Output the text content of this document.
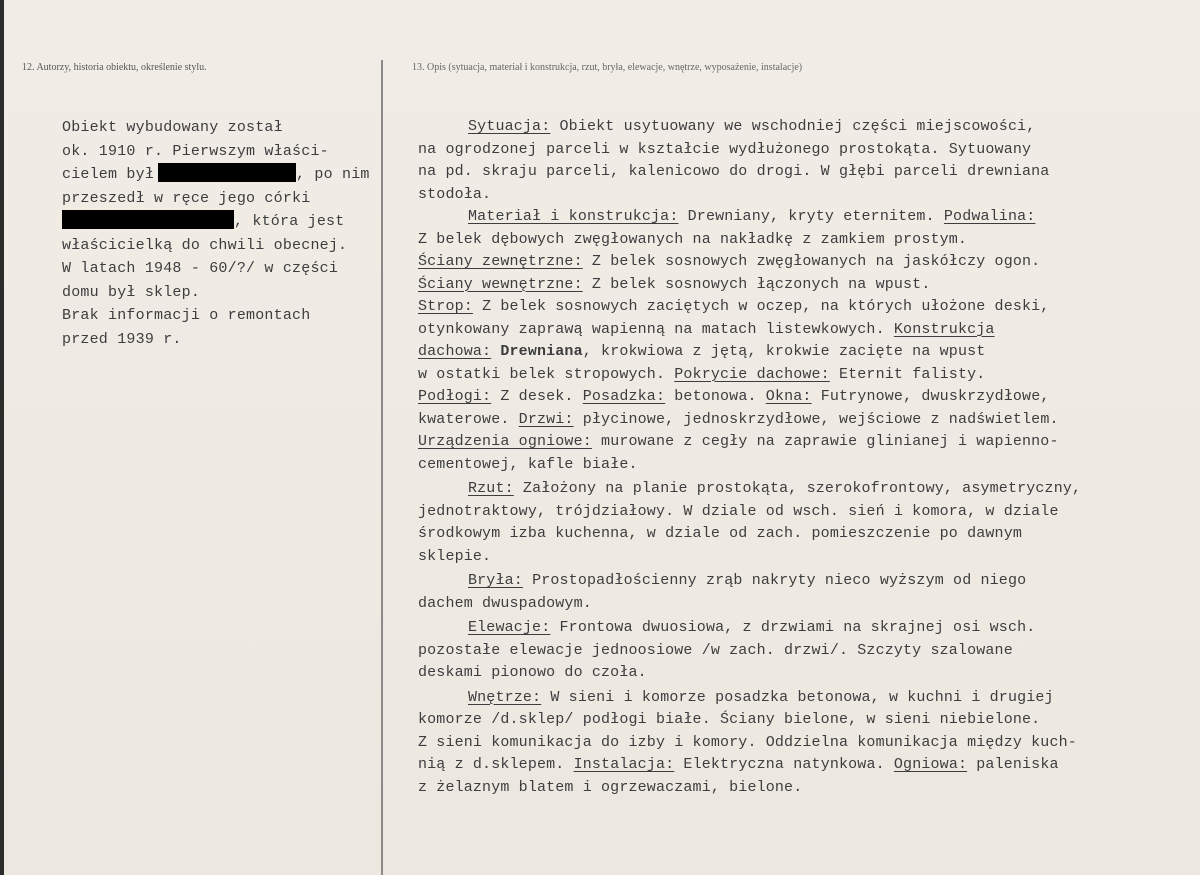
12. Autorzy, historia obiektu, określenie stylu.	13. Opis (sytuacja, materiał i konstrukcja, rzut, bryła, elewacje, wnętrze, wyposażenie, instalacje)
Obiekt wybudowany został
ok. 1910 r. Pierwszym właści-
cielem był	, po nim
przeszedł w ręce jego córki
, która jest
właścicielką do chwili obecnej.
W latach 1948 - 60/?/ w części
domu był sklep.
Brak informacji o remontach
przed 1939 r.
Sytuacja: Obiekt usytuowany we wschodniej części miejscowości,
na ogrodzonej parceli w kształcie wydłużonego prostokąta. Sytuowany
na pd. skraju parceli, kalenicowo do drogi. W głębi parceli drewniana
stodoła.
Materiał i konstrukcja: Drewniany, kryty eternitem. Podwalina:
Z belek dębowych zwęgłowanych na nakładkę z zamkiem prostym.
Ściany zewnętrzne: Z belek sosnowych zwęgłowanych na jaskółczy ogon.
Ściany wewnętrzne: Z belek sosnowych łączonych na wpust.
Strop: Z belek sosnowych zaciętych w oczep, na których ułożone deski,
otynkowany zaprawą wapienną na matach listewkowych. Konstrukcja
dachowa: Drewniana, krokwiowa z jętą, krokwie zacięte na wpust
w ostatki belek stropowych. Pokrycie dachowe: Eternit falisty.
Podłogi: Z desek. Posadzka: betonowa. Okna: Futrynowe, dwuskrzydłowe,
kwaterowe. Drzwi: płycinowe, jednoskrzydłowe, wejściowe z nadświetlem.
Urządzenia ogniowe: murowane z cegły na zaprawie glinianej i wapienno-
cementowej, kafle białe.
Rzut: Założony na planie prostokąta, szerokofrontowy, asymetryczny,
jednotraktowy, trójdziałowy. W dziale od wsch. sień i komora, w dziale
środkowym izba kuchenna, w dziale od zach. pomieszczenie po dawnym
sklepie.
Bryła: Prostopadłościenny zrąb nakryty nieco wyższym od niego
dachem dwuspadowym.
Elewacje: Frontowa dwuosiowa, z drzwiami na skrajnej osi wsch.
pozostałe elewacje jednoosiowe /w zach. drzwi/. Szczyty szalowane
deskami pionowo do czoła.
Wnętrze: W sieni i komorze posadzka betonowa, w kuchni i drugiej
komorze /d.sklep/ podłogi białe. Ściany bielone, w sieni niebielone.
Z sieni komunikacja do izby i komory. Oddzielna komunikacja między kuch-
nią z d.sklepem. Instalacja: Elektryczna natynkowa. Ogniowa: paleniska
z żelaznym blatem i ogrzewaczami, bielone.
